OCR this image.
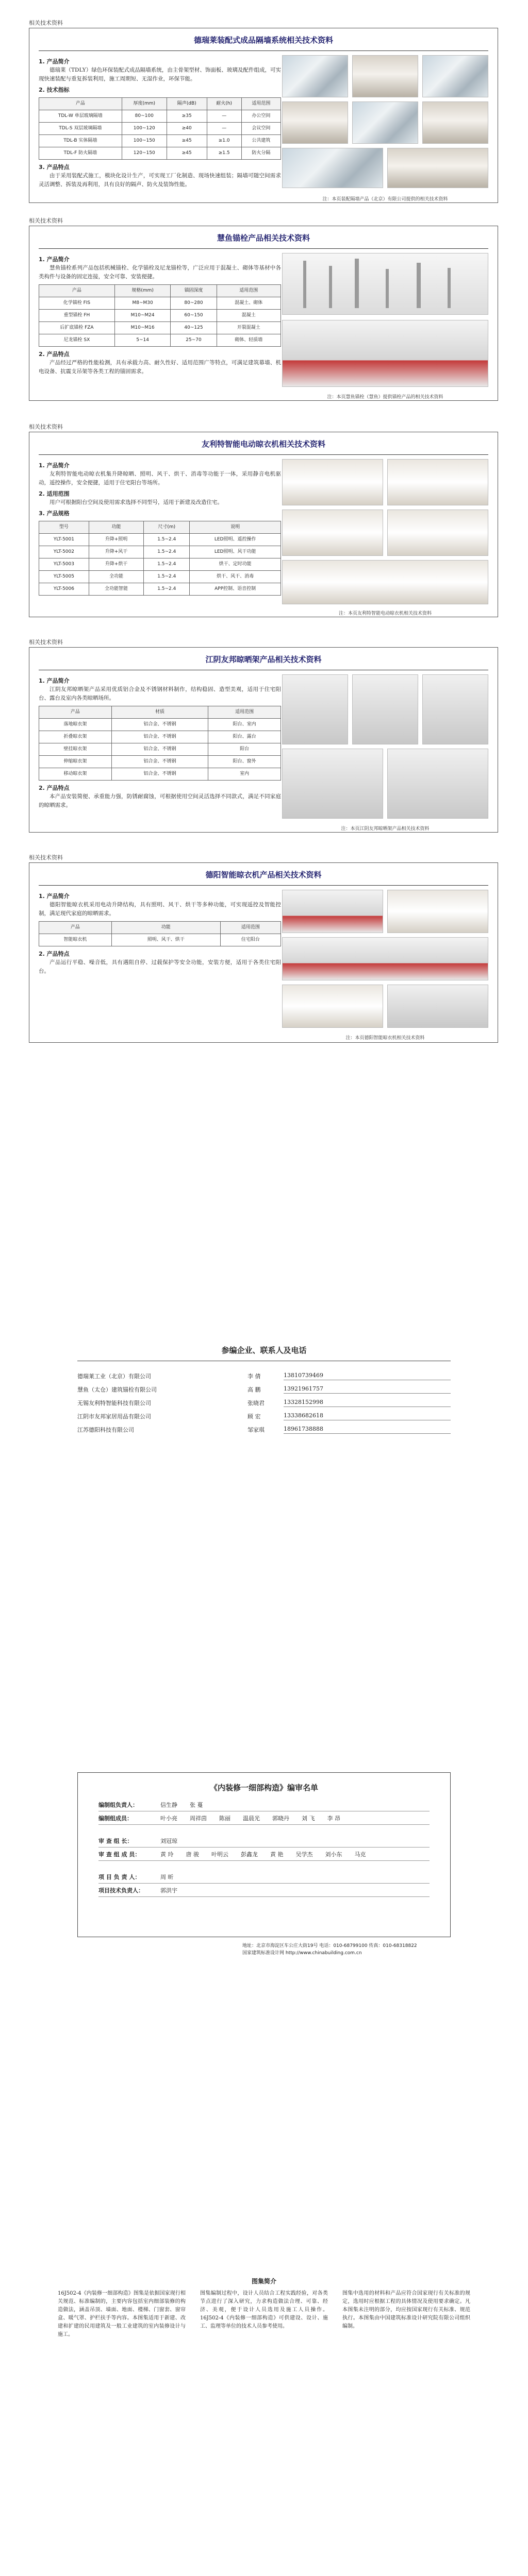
相关技术资料
德瑞莱装配式成品隔墙系统相关技术资料
1. 产品简介
德瑞莱（TDLY）绿色环保装配式成品隔墙系统，由主骨架型材、饰面板、玻璃及配件组成，可实现快速装配与重复拆装利用，施工周期短、无湿作业，环保节能。
2. 技术指标
产品	厚度(mm)	隔声(dB)	耐火(h)	适用范围
TDL-W 单层玻璃隔墙	80~100	≥35	—	办公空间
TDL-S 双层玻璃隔墙	100~120	≥40	—	会议空间
TDL-B 实体隔墙	100~150	≥45	≥1.0	公共建筑
TDL-F 防火隔墙	120~150	≥45	≥1.5	防火分隔
3. 产品特点
由于采用装配式施工，模块化设计生产，可实现工厂化制造、现场快速组装；隔墙可随空间需求灵活调整、拆装及再利用，具有良好的隔声、防火及装饰性能。
注：本页装配隔墙产品（北京）有限公司提供的相关技术资料
相关技术资料
慧鱼锚栓产品相关技术资料
1. 产品简介
慧鱼锚栓系列产品包括机械锚栓、化学锚栓及尼龙锚栓等，广泛应用于混凝土、砌体等基材中各类构件与设备的固定连接，安全可靠、安装便捷。
产品	规格(mm)	锚固深度	适用范围
化学锚栓 FIS	M8~M30	80~280	混凝土、砌体
重型锚栓 FH	M10~M24	60~150	混凝土
后扩底锚栓 FZA	M10~M16	40~125	开裂混凝土
尼龙锚栓 SX	5~14	25~70	砌体、轻质墙
2. 产品特点
产品经过严格的性能检测，具有承载力高、耐久性好、适用范围广等特点，可满足建筑幕墙、机电设备、抗震支吊架等各类工程的锚固需求。
注：本页慧鱼锚栓（慧鱼）提供锚栓产品的相关技术资料
相关技术资料
友利特智能电动晾衣机相关技术资料
1. 产品简介
友利特智能电动晾衣机集升降晾晒、照明、风干、烘干、消毒等功能于一体，采用静音电机驱动，遥控操作，安全便捷，适用于住宅阳台等场所。
2. 适用范围
用户可根据阳台空间及使用需求选择不同型号，适用于新建及改造住宅。
3. 产品规格
型号	功能	尺寸(m)	说明
YLT-5001	升降+照明	1.5~2.4	LED照明、遥控操作
YLT-5002	升降+风干	1.5~2.4	LED照明、风干功能
YLT-5003	升降+烘干	1.5~2.4	烘干、定时功能
YLT-5005	全功能	1.5~2.4	烘干、风干、消毒
YLT-5006	全功能智能	1.5~2.4	APP控制、语音控制
注：本页友利特智能电动晾衣机相关技术资料
相关技术资料
江阴友邦晾晒架产品相关技术资料
1. 产品简介
江阴友邦晾晒架产品采用优质铝合金及不锈钢材料制作，结构稳固、造型美观，适用于住宅阳台、露台及室内各类晾晒场所。
产品	材质	适用范围
落地晾衣架	铝合金、不锈钢	阳台、室内
折叠晾衣架	铝合金、不锈钢	阳台、露台
壁挂晾衣架	铝合金、不锈钢	阳台
伸缩晾衣架	铝合金、不锈钢	阳台、窗外
移动晾衣架	铝合金、不锈钢	室内
2. 产品特点
本产品安装简便、承重能力强，防锈耐腐蚀，可根据使用空间灵活选择不同款式，满足不同家庭的晾晒需求。
注：本页江阴友邦晾晒架产品相关技术资料
相关技术资料
德阳智能晾衣机产品相关技术资料
1. 产品简介
德阳智能晾衣机采用电动升降结构，具有照明、风干、烘干等多种功能，可实现遥控及智能控制，满足现代家庭的晾晒需求。
产品	功能	适用范围
智能晾衣机	照明、风干、烘干	住宅阳台
2. 产品特点
产品运行平稳、噪音低，具有遇阻自停、过载保护等安全功能，安装方便，适用于各类住宅阳台。
注：本页德阳智能晾衣机相关技术资料
参编企业、联系人及电话
德瑞莱工业（北京）有限公司	李 倩	13810739469
慧鱼（太仓）建筑锚栓有限公司	高 鹏	13921961757
无锡友利特智能科技有限公司	张晓君	13328152998
江阴市友邦家居用品有限公司	顾 宏	13338682618
江苏德阳科技有限公司	邹家琪	18961738888
《内装修一细部构造》编审名单
编制组负责人：	信生静 张 蔓
编制组成员：	叶小亮 周祥茵 陈丽 温晨光 郭晓丹 刘 飞 李 昂
审 查 组 长：	刘冠琼
审 查 组 成 员：	黄 玲 唐 骏 叶明云 彭鑫龙 黄 艳 吴学杰 刘小东 马克
项 目 负 责 人：	周 昕
项目技术负责人：	郭洪宇
地址：北京市海淀区车公庄大街19号 电话：010-68799100 传真：010-68318822
国家建筑标准设计网 http://www.chinabuilding.com.cn
图集简介
16J502-4《内装修一细部构造》图集是依据国家现行相关规范、标准编制的，主要内容包括室内细部装修的构造做法，涵盖吊顶、墙面、地面、楼梯、门窗套、窗帘盒、暖气罩、护栏扶手等内容。本图集适用于新建、改建和扩建的民用建筑及一般工业建筑的室内装修设计与施工。
图集编制过程中，设计人员结合工程实践经验，对各类节点进行了深入研究，力求构造做法合理、可靠、经济、美观，便于设计人员选用及施工人员操作。16J502-4《内装修一细部构造》可供建设、设计、施工、监理等单位的技术人员参考使用。
图集中选用的材料和产品应符合国家现行有关标准的规定，选用时应根据工程的具体情况及使用要求确定。凡本图集未注明的部分，均应按国家现行有关标准、规范执行。本图集由中国建筑标准设计研究院有限公司组织编制。
